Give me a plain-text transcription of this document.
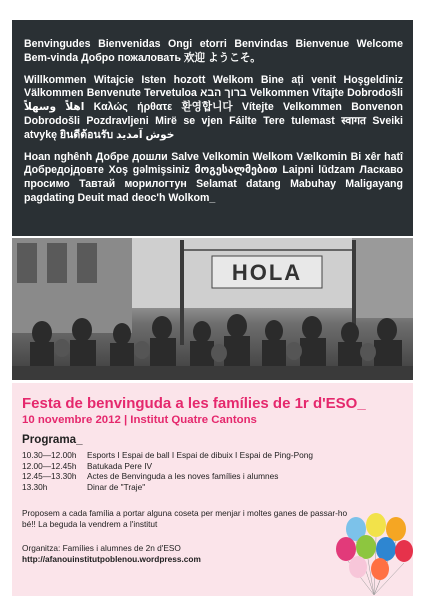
Benvingudes Bienvenidas Ongi etorri Benvindas Bienvenue Welcome Bem-vinda Добро пожаловать 欢迎 ようこそ。

Willkommen Witajcie Isten hozott Welkom Bine ați venit Hoşgeldiniz Välkommen Benvenute Tervetuloa ברוך הבא Velkommen Vítajte Dobrodošli اهلاً وسهلاً Καλώς ήρθατε 환영합니다 Vítejte Velkommen Bonvenon Dobrodošli Pozdravljeni Mirë se vjen Fáilte Tere tulemast स्वागत Sveiki atvykę ยินดีต้อนรับ خوش آمدید

Hoan nghênh Добре дошли Salve Velkomin Welkom Vælkomin Bi xêr hatî Добредојдовте Xoş gəlmişsiniz მოგესალმებით Laipni lūdzam Ласкаво просимо Тавтай морилогтун Selamat datang Mabuhay Maligayang pagdating Deuit mad deoc'h Wolkom_

HOLA
Festa de benvinguda a les famílies de 1r d'ESO_
10 novembre 2012 | Institut Quatre Cantons
Programa_
10.30—12.00h	Esports I Espai de ball I Espai de dibuix I Espai de Ping-Pong
12.00—12.45h	Batukada Pere IV
12.45—13.30h	Actes de Benvinguda a les noves famílies i alumnes
13.30h	Dinar de "Traje"
Proposem a cada família a portar alguna coseta per menjar i moltes ganes de passar-ho bé!! La beguda la vendrem a l'institut
Organitza: Famílies i alumnes de 2n d'ESO
http://afanouinstitutpoblenou.wordpress.com
